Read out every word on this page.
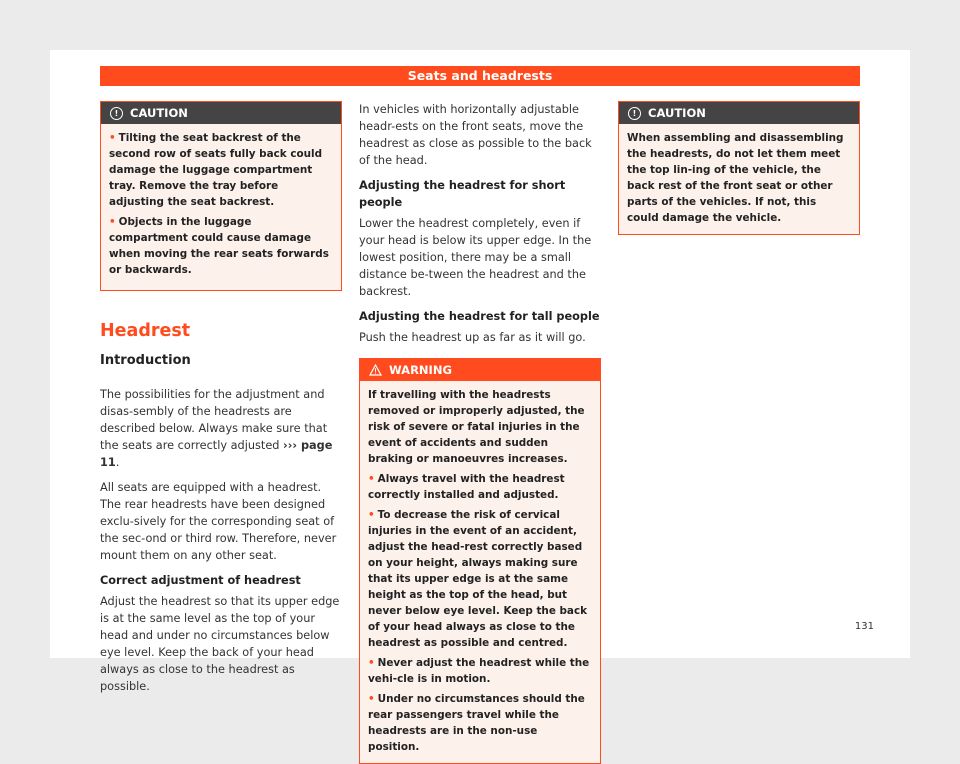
Seats and headrests
!	CAUTION

• Tilting the seat backrest of the second row of seats fully back could damage the luggage compartment tray. Remove the tray before adjusting the seat backrest.

• Objects in the luggage compartment could cause damage when moving the rear seats forwards or backwards.

Headrest
Introduction

The possibilities for the adjustment and disas-sembly of the headrests are described below. Always make sure that the seats are correctly adjusted ››› page 11.

All seats are equipped with a headrest. The rear headrests have been designed exclu-sively for the corresponding seat of the sec-ond or third row. Therefore, never mount them on any other seat.

Correct adjustment of headrest

Adjust the headrest so that its upper edge is at the same level as the top of your head and under no circumstances below eye level. Keep the back of your head always as close to the headrest as possible.

In vehicles with horizontally adjustable headr-ests on the front seats, move the headrest as close as possible to the back of the head.

Adjusting the headrest for short people

Lower the headrest completely, even if your head is below its upper edge. In the lowest position, there may be a small distance be-tween the headrest and the backrest.

Adjusting the headrest for tall people

Push the headrest up as far as it will go.

WARNING

If travelling with the headrests removed or improperly adjusted, the risk of severe or fatal injuries in the event of accidents and sudden braking or manoeuvres increases.

• Always travel with the headrest correctly installed and adjusted.

• To decrease the risk of cervical injuries in the event of an accident, adjust the head-rest correctly based on your height, always making sure that its upper edge is at the same height as the top of the head, but never below eye level. Keep the back of your head always as close to the headrest as possible and centred.

• Never adjust the headrest while the vehi-cle is in motion.

• Under no circumstances should the rear passengers travel while the headrests are in the non-use position.

!	CAUTION

When assembling and disassembling the headrests, do not let them meet the top lin-ing of the vehicle, the back rest of the front seat or other parts of the vehicles. If not, this could damage the vehicle.

131
